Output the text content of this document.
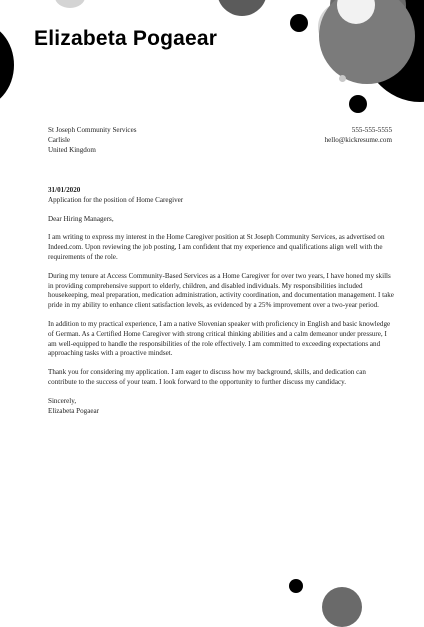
Elizabeta Pogaear
St Joseph Community Services
Carlisle
United Kingdom
555-555-5555
hello@kickresume.com

31/01/2020

Application for the position of Home Caregiver

Dear Hiring Managers,

I am writing to express my interest in the Home Caregiver position at St Joseph Community Services, as advertised on Indeed.com. Upon reviewing the job posting, I am confident that my experience and qualifications align well with the requirements of the role.

During my tenure at Access Community-Based Services as a Home Caregiver for over two years, I have honed my skills in providing comprehensive support to elderly, children, and disabled individuals. My responsibilities included housekeeping, meal preparation, medication administration, activity coordination, and documentation management. I take pride in my ability to enhance client satisfaction levels, as evidenced by a 25% improvement over a two-year period.

In addition to my practical experience, I am a native Slovenian speaker with proficiency in English and basic knowledge of German. As a Certified Home Caregiver with strong critical thinking abilities and a calm demeanor under pressure, I am well-equipped to handle the responsibilities of the role effectively. I am committed to exceeding expectations and approaching tasks with a proactive mindset.

Thank you for considering my application. I am eager to discuss how my background, skills, and dedication can contribute to the success of your team. I look forward to the opportunity to further discuss my candidacy.

Sincerely,

Elizabeta Pogaear
